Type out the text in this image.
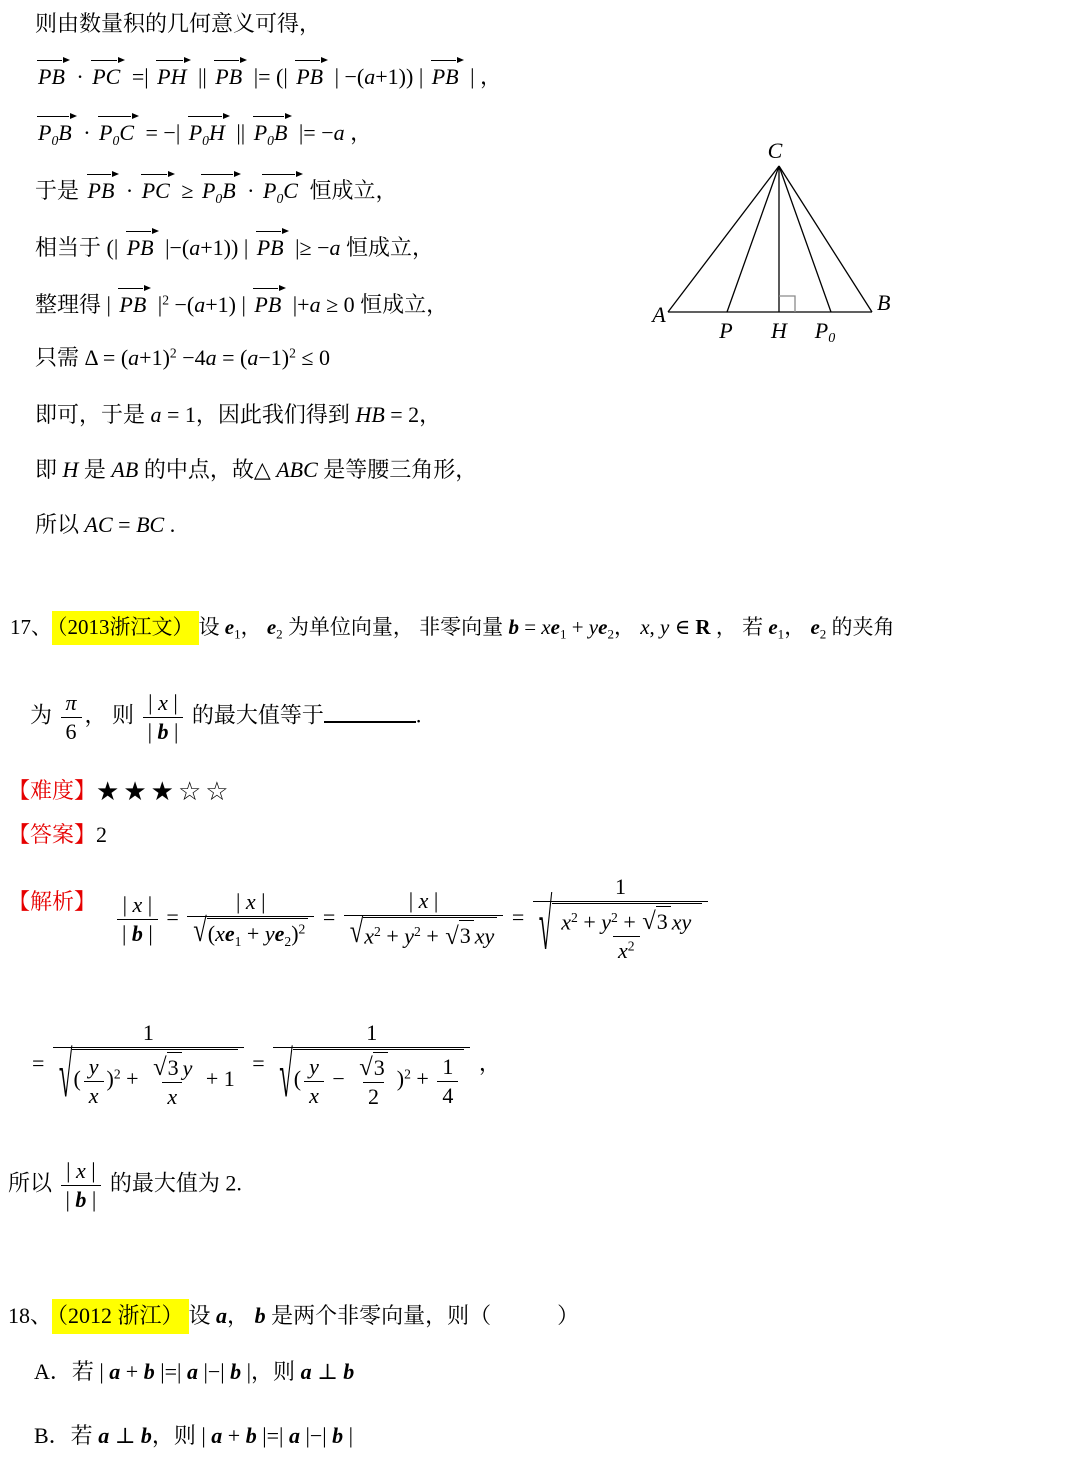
则由数量积的几何意义可得，
PB · PC =| PH || PB |= (| PB | −(a+1)) | PB | ，
$P_0B \cdot P_0C$ = −| $P_0H$ || $P_0B$ |= −a ，
于是 PB · PC ≥ $P_0B \cdot P_0C$ 恒成立，
相当于 (| PB |−(a+1)) | PB |≥ −a 恒成立，
整理得 | PB $|^2 -(a+1)$ | PB |+a ≥ 0 恒成立，
只需 $\Delta = (a+1)^2 -4a = (a-1)^2 \le 0$
即可，于是 a = 1，因此我们得到 HB = 2，
即 H 是 AB 的中点，故△ ABC 是等腰三角形，
所以 AC = BC .
C
A	B
P H P0
17、 （2013浙江文） 设 $e_1$， $e_2$ 为单位向量， 非零向量 $b = xe_1 + ye_2$， x, y ∈ R ， 若 $e_1$， $e_2$ 的夹角
为 $\frac{\pi}{6}$ ， 则 $\frac{| x |}{| b |}$ 的最大值等于	.
【难度】★★★☆☆
【答案】2
【解析】 $\frac{| x |}{| b |} = \frac{| x |}{√ (xe_1 + ye_2)^2} = \frac{| x |}{√ x^2 + y^2 + √ 3 xy} = \frac{1}{√ \frac{x^2 + y^2 + √ 3 xy}{x^2}}$
= $\frac{1}{√ ( \frac{y}{x} )^2 + \frac{√ 3 y}{x} + 1} = \frac{1}{√ ( \frac{y}{x} - \frac{√ 3}{2} )^2 + \frac{1}{4}}$ ，
所以 $\frac{| x |}{| b |}$ 的最大值为 2.
18、 （2012 浙江） 设 a， b 是两个非零向量，则（　　　）
A．若 | a + b |=| a |−| b |，则 a ⊥ b
B．若 a ⊥ b，则 | a + b |=| a |−| b |
